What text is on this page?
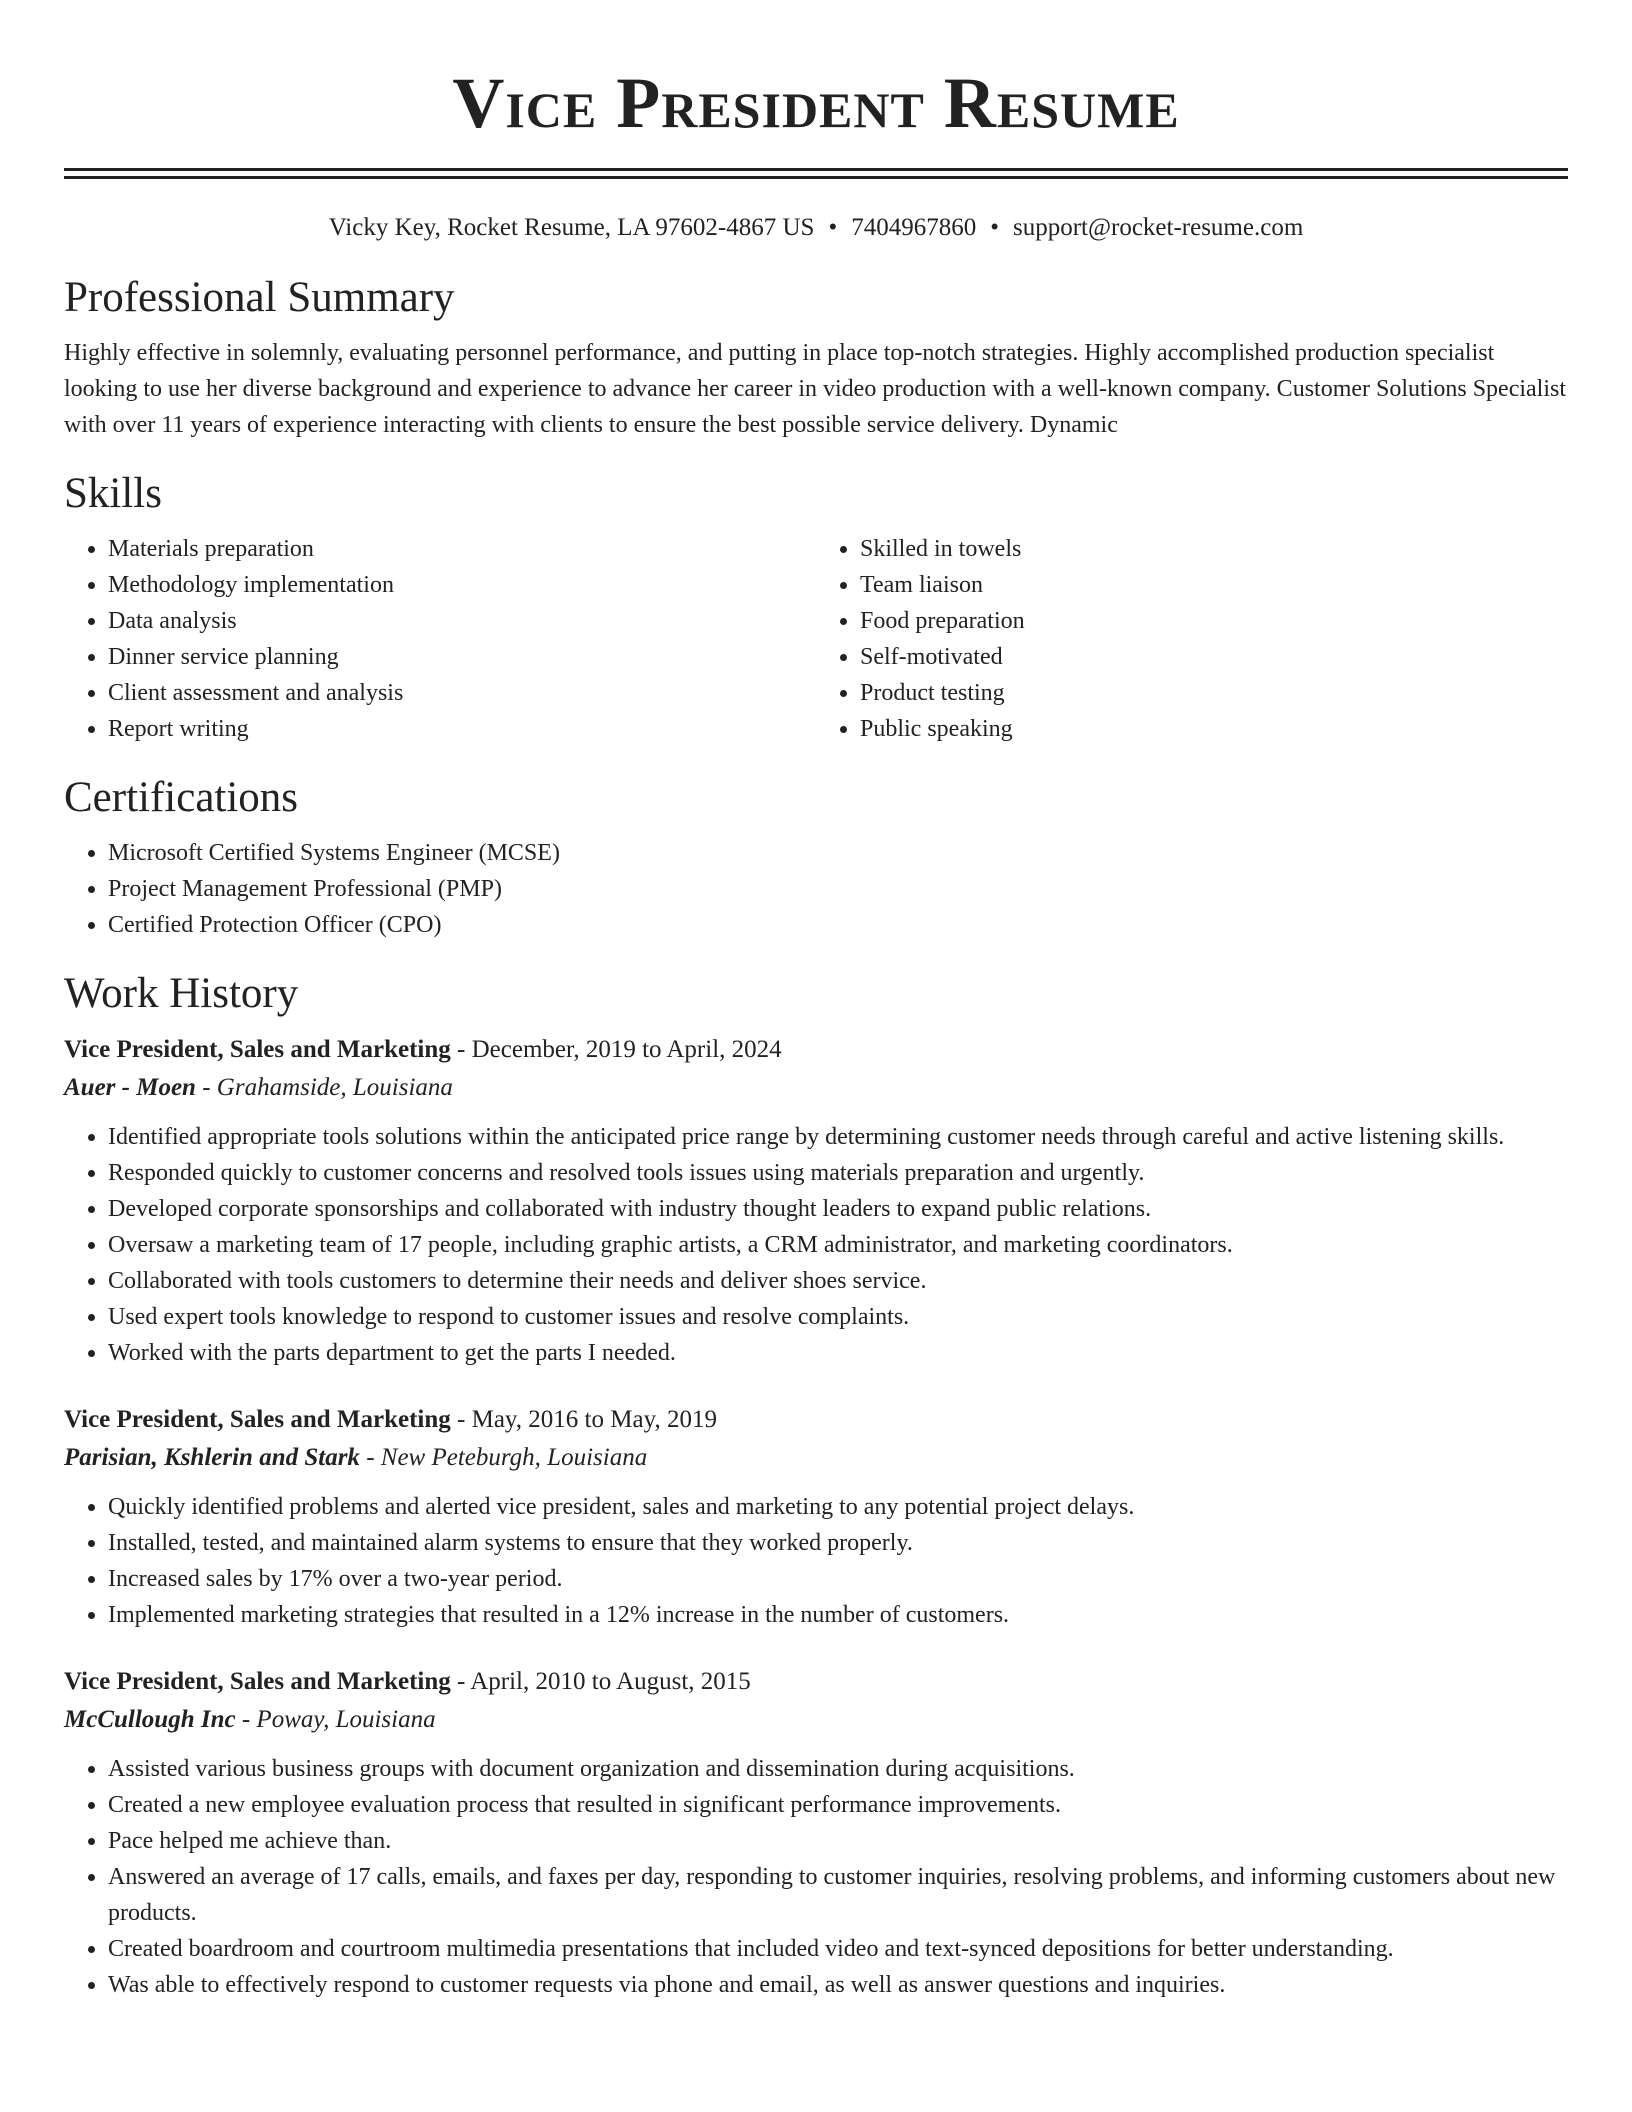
Vice President Resume
Vicky Key, Rocket Resume, LA 97602-4867 US • 7404967860 • support@rocket-resume.com
Professional Summary

Highly effective in solemnly, evaluating personnel performance, and putting in place top-notch strategies. Highly accomplished production specialist looking to use her diverse background and experience to advance her career in video production with a well-known company. Customer Solutions Specialist with over 11 years of experience interacting with clients to ensure the best possible service delivery. Dynamic

Skills
• Materials preparation
• Methodology implementation
• Data analysis
• Dinner service planning
• Client assessment and analysis
• Report writing
• Skilled in towels
• Team liaison
• Food preparation
• Self-motivated
• Product testing
• Public speaking
Certifications
• Microsoft Certified Systems Engineer (MCSE)
• Project Management Professional (PMP)
• Certified Protection Officer (CPO)
Work History
Vice President, Sales and Marketing - December, 2019 to April, 2024
Auer - Moen - Grahamside, Louisiana
• Identified appropriate tools solutions within the anticipated price range by determining customer needs through careful and active listening skills.
• Responded quickly to customer concerns and resolved tools issues using materials preparation and urgently.
• Developed corporate sponsorships and collaborated with industry thought leaders to expand public relations.
• Oversaw a marketing team of 17 people, including graphic artists, a CRM administrator, and marketing coordinators.
• Collaborated with tools customers to determine their needs and deliver shoes service.
• Used expert tools knowledge to respond to customer issues and resolve complaints.
• Worked with the parts department to get the parts I needed.
Vice President, Sales and Marketing - May, 2016 to May, 2019
Parisian, Kshlerin and Stark - New Peteburgh, Louisiana
• Quickly identified problems and alerted vice president, sales and marketing to any potential project delays.
• Installed, tested, and maintained alarm systems to ensure that they worked properly.
• Increased sales by 17% over a two-year period.
• Implemented marketing strategies that resulted in a 12% increase in the number of customers.
Vice President, Sales and Marketing - April, 2010 to August, 2015
McCullough Inc - Poway, Louisiana
• Assisted various business groups with document organization and dissemination during acquisitions.
• Created a new employee evaluation process that resulted in significant performance improvements.
• Pace helped me achieve than.
• Answered an average of 17 calls, emails, and faxes per day, responding to customer inquiries, resolving problems, and informing customers about new products.
• Created boardroom and courtroom multimedia presentations that included video and text-synced depositions for better understanding.
• Was able to effectively respond to customer requests via phone and email, as well as answer questions and inquiries.
